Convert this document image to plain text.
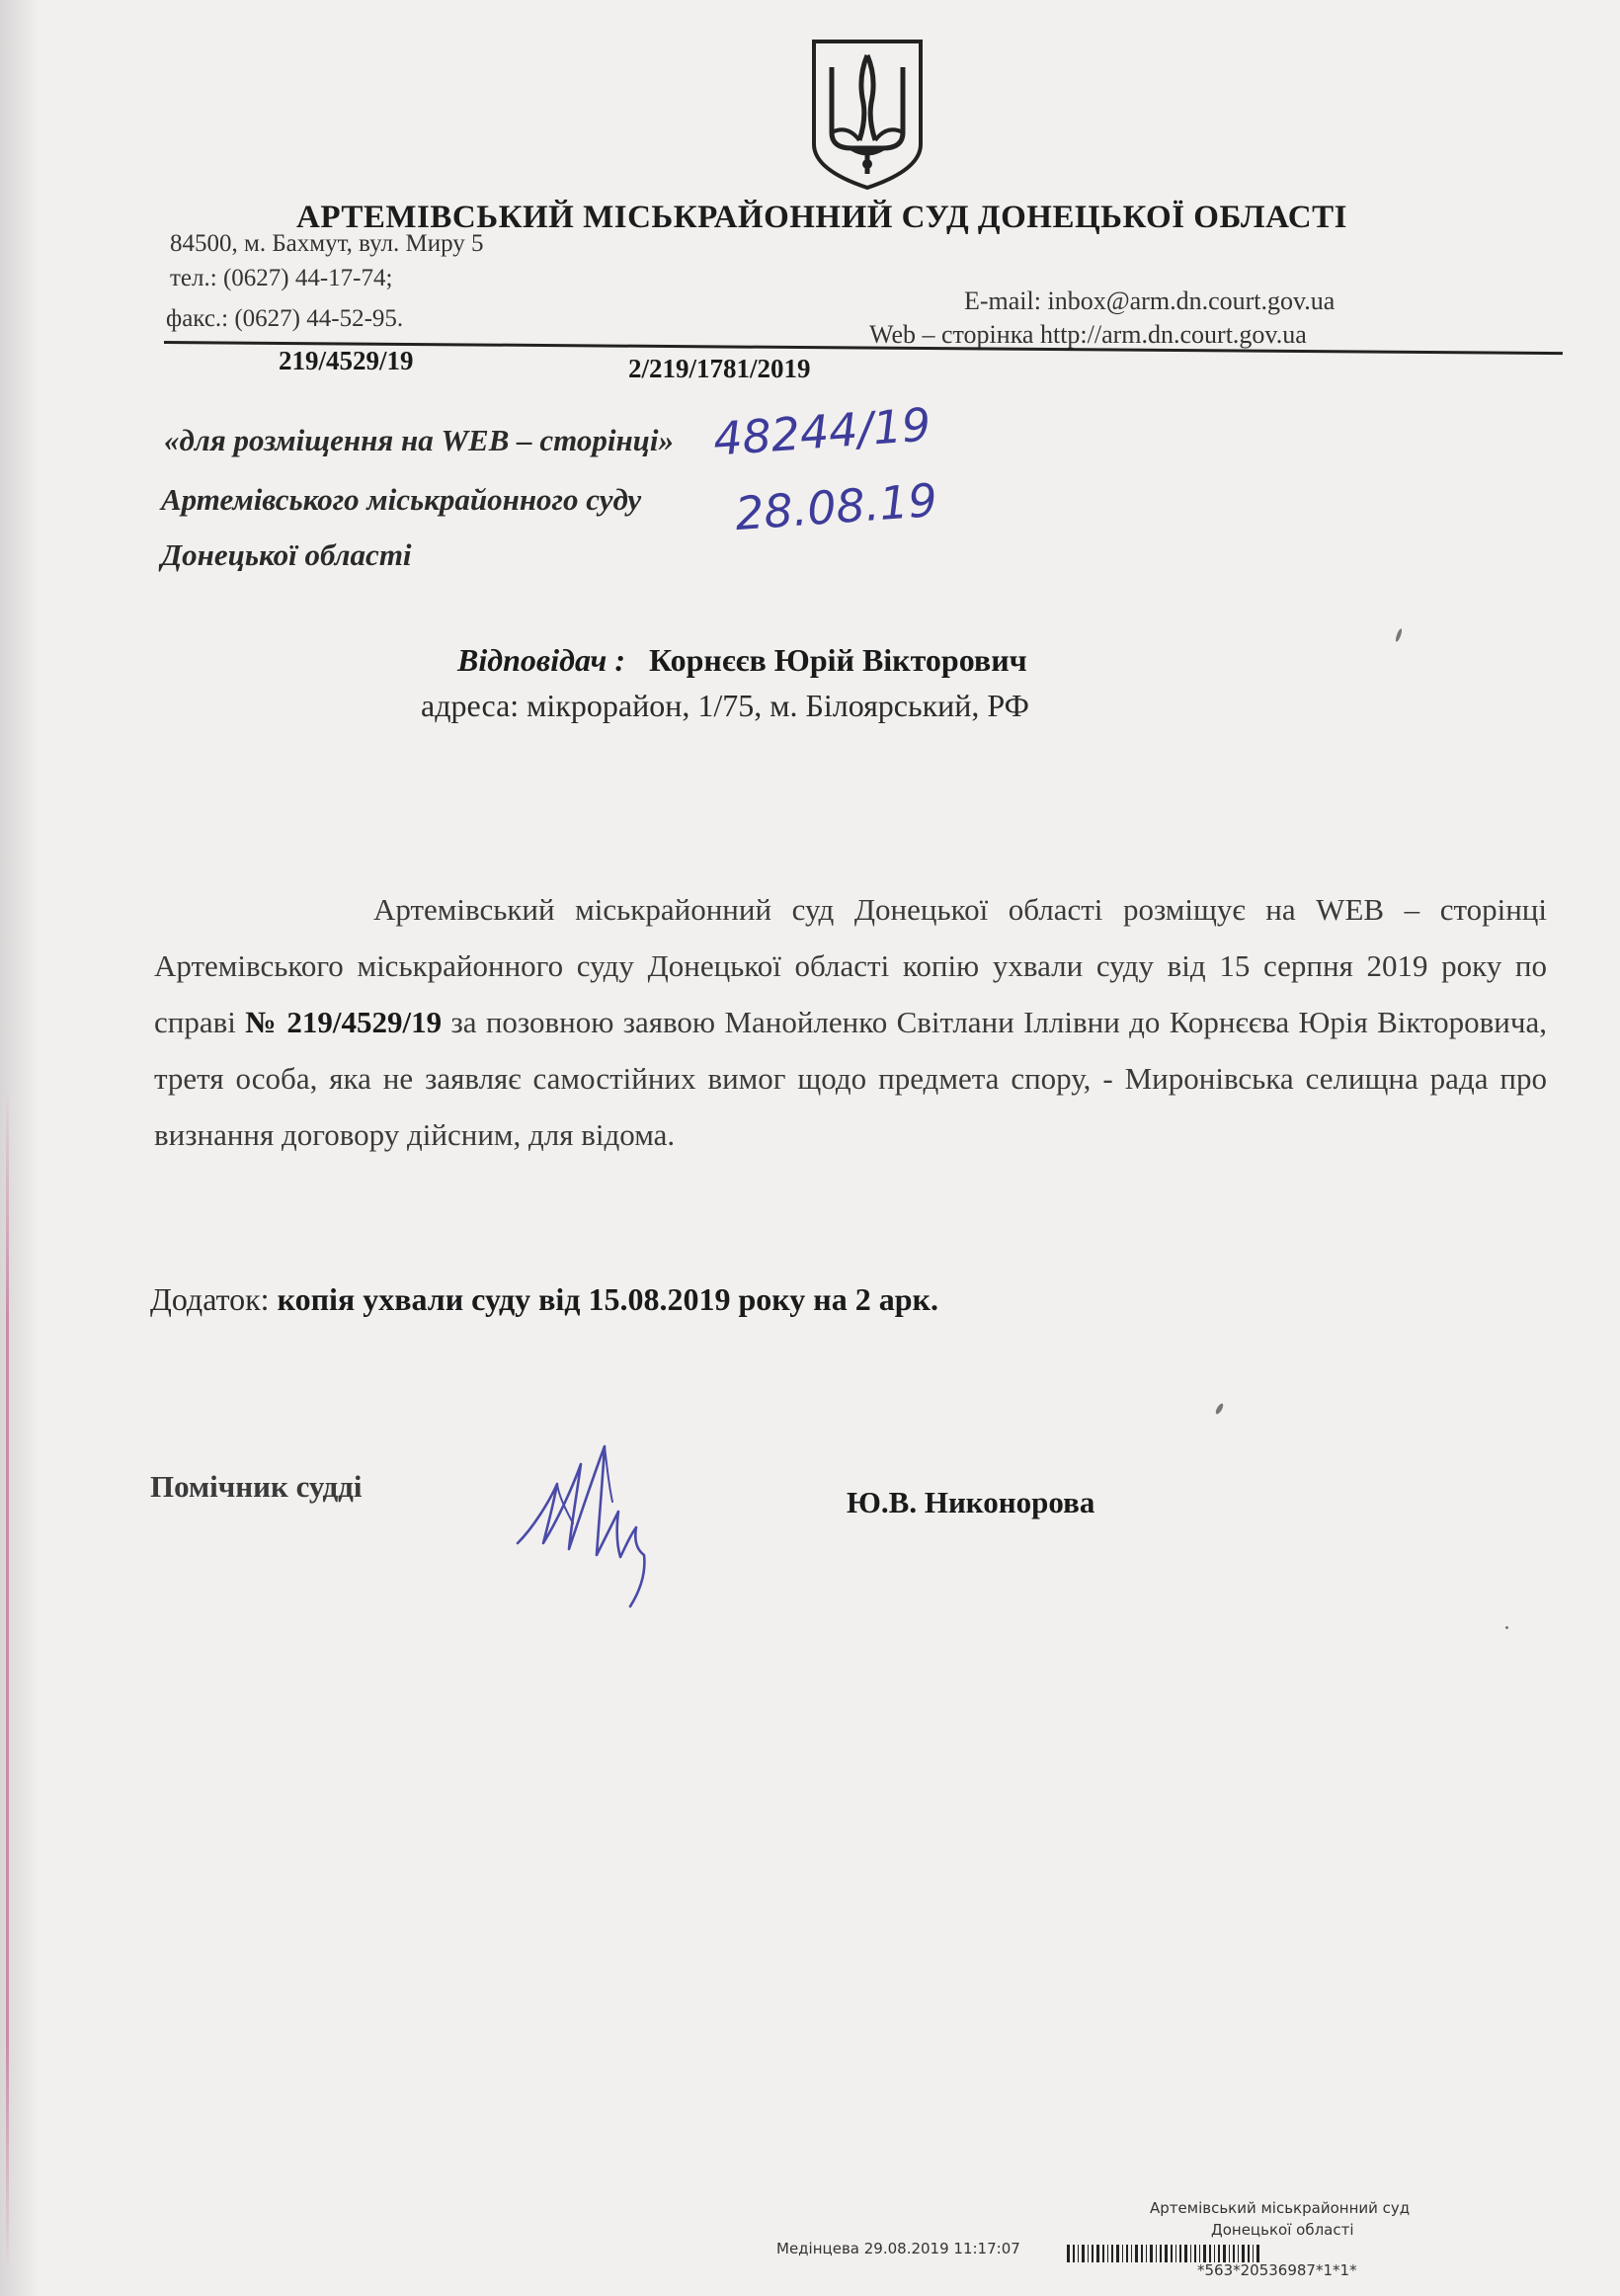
АРТЕМІВСЬКИЙ МІСЬКРАЙОННИЙ СУД ДОНЕЦЬКОЇ ОБЛАСТІ
84500, м. Бахмут, вул. Миру 5
тел.: (0627) 44-17-74;
факс.: (0627) 44-52-95.
E-mail: inbox@arm.dn.court.gov.ua
Web – сторінка http://arm.dn.court.gov.ua
219/4529/19	2/219/1781/2019
«для розміщення на WEB – сторінці»
Артемівського міськрайонного суду
Донецької області
48244/19
28.08.19
Відповідач : Корнєєв Юрій Вікторович
адреса: мікрорайон, 1/75, м. Білоярський, РФ
Артемівський міськрайонний суд Донецької області розміщує на WEB – сторінці Артемівського міськрайонного суду Донецької області копію ухвали суду від 15 серпня 2019 року по справі № 219/4529/19 за позовною заявою Манойленко Світлани Іллівни до Корнєєва Юрія Вікторовича, третя особа, яка не заявляє самостійних вимог щодо предмета спору, - Миронівська селищна рада про визнання договору дійсним, для відома.
Додаток: копія ухвали суду від 15.08.2019 року на 2 арк.
Помічник судді	Ю.В. Никонорова
Артемівський міськрайонний суд
Донецької області
Медінцева 29.08.2019 11:17:07
*563*20536987*1*1*
